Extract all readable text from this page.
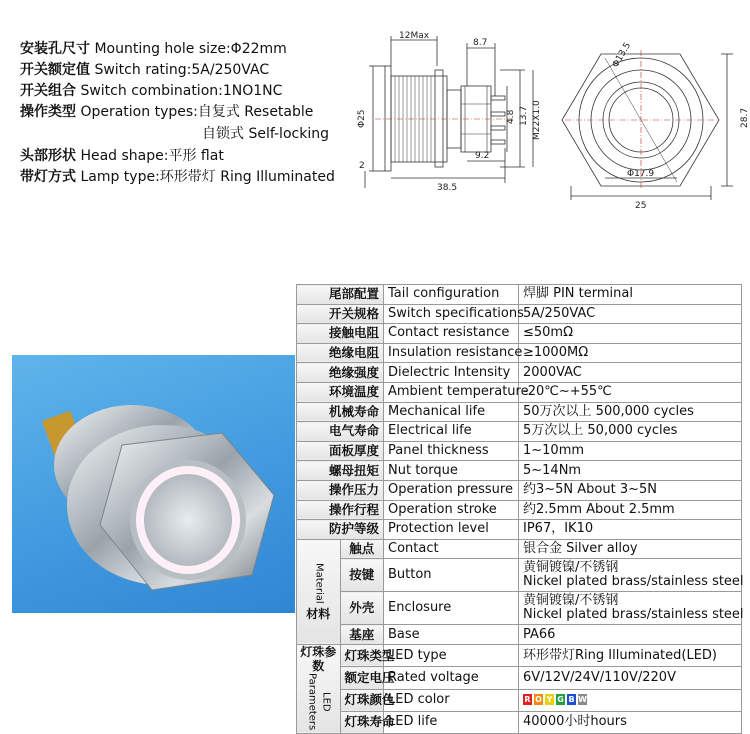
安装孔尺寸 Mounting hole size:Φ22mm
开关额定值 Switch rating:5A/250VAC
开关组合 Switch combination:1NO1NC
操作类型 Operation types:自复式 Resetable
自锁式 Self-locking
头部形状 Head shape:平形 flat
带灯方式 Lamp type:环形带灯 Ring Illuminated
12Max
8.7
Φ25
2
38.5
9.2
4.8 13.7 M22X1.0
Φ13.5
28.7
Φ17.9
25
尾部配置		Tail configuration	焊脚 PIN terminal
开关规格		Switch specifications	5A/250VAC
接触电阻		Contact resistance	≤50mΩ
绝缘电阻		Insulation resistance	≥1000MΩ
绝缘强度		Dielectric Intensity	2000VAC
环境温度		Ambient temperature	-20℃~+55℃
机械寿命		Mechanical life	50万次以上 500,000 cycles
电气寿命		Electrical life	5万次以上 50,000 cycles
面板厚度		Panel thickness	1~10mm
螺母扭矩		Nut torque	5~14Nm
操作压力		Operation pressure	约3~5N About 3~5N
操作行程		Operation stroke	约2.5mm About 2.5mm
防护等级		Protection level	IP67，IK10
Material
材料	触点	Contact	银合金 Silver alloy
	按键	Button	黄铜镀镍/不锈钢
Nickel plated brass/stainless steel

	外壳	Enclosure	黄铜镀镍/不锈钢
Nickel plated brass/stainless steel

	基座	Base	PA66
灯珠参数 LED Parameters	灯珠类型	LED type	环形带灯Ring Illuminated(LED)
	额定电压	Rated voltage	6V/12V/24V/110V/220V
	灯珠颜色	LED color	R O Y G B W
	灯珠寿命	LED life	40000小时hours
